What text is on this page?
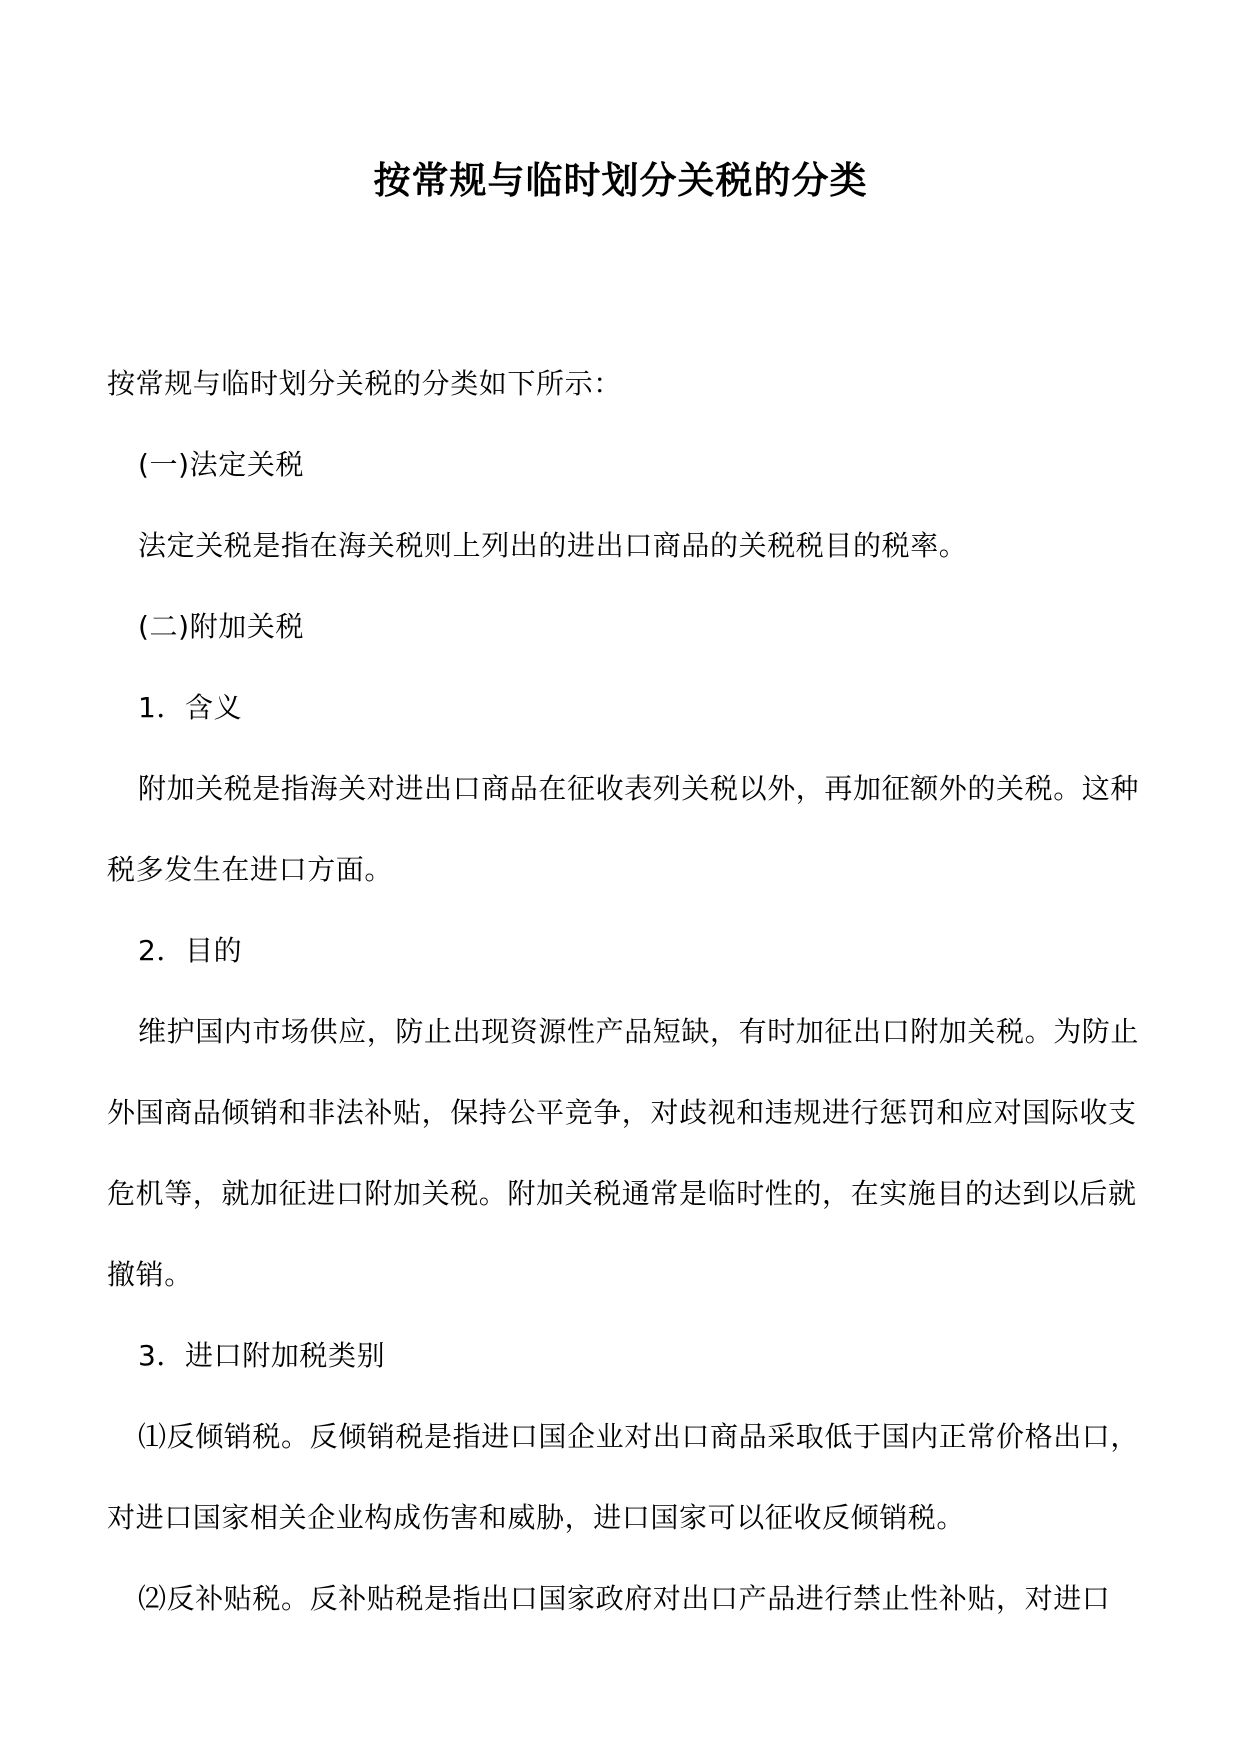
按常规与临时划分关税的分类

按常规与临时划分关税的分类如下所示：

(一)法定关税

法定关税是指在海关税则上列出的进出口商品的关税税目的税率。

(二)附加关税

1．含义

附加关税是指海关对进出口商品在征收表列关税以外，再加征额外的关税。这种税多发生在进口方面。

2．目的

维护国内市场供应，防止出现资源性产品短缺，有时加征出口附加关税。为防止外国商品倾销和非法补贴，保持公平竞争，对歧视和违规进行惩罚和应对国际收支危机等，就加征进口附加关税。附加关税通常是临时性的，在实施目的达到以后就撤销。

3．进口附加税类别

⑴反倾销税。反倾销税是指进口国企业对出口商品采取低于国内正常价格出口，对进口国家相关企业构成伤害和威胁，进口国家可以征收反倾销税。

⑵反补贴税。反补贴税是指出口国家政府对出口产品进行禁止性补贴，对进口
